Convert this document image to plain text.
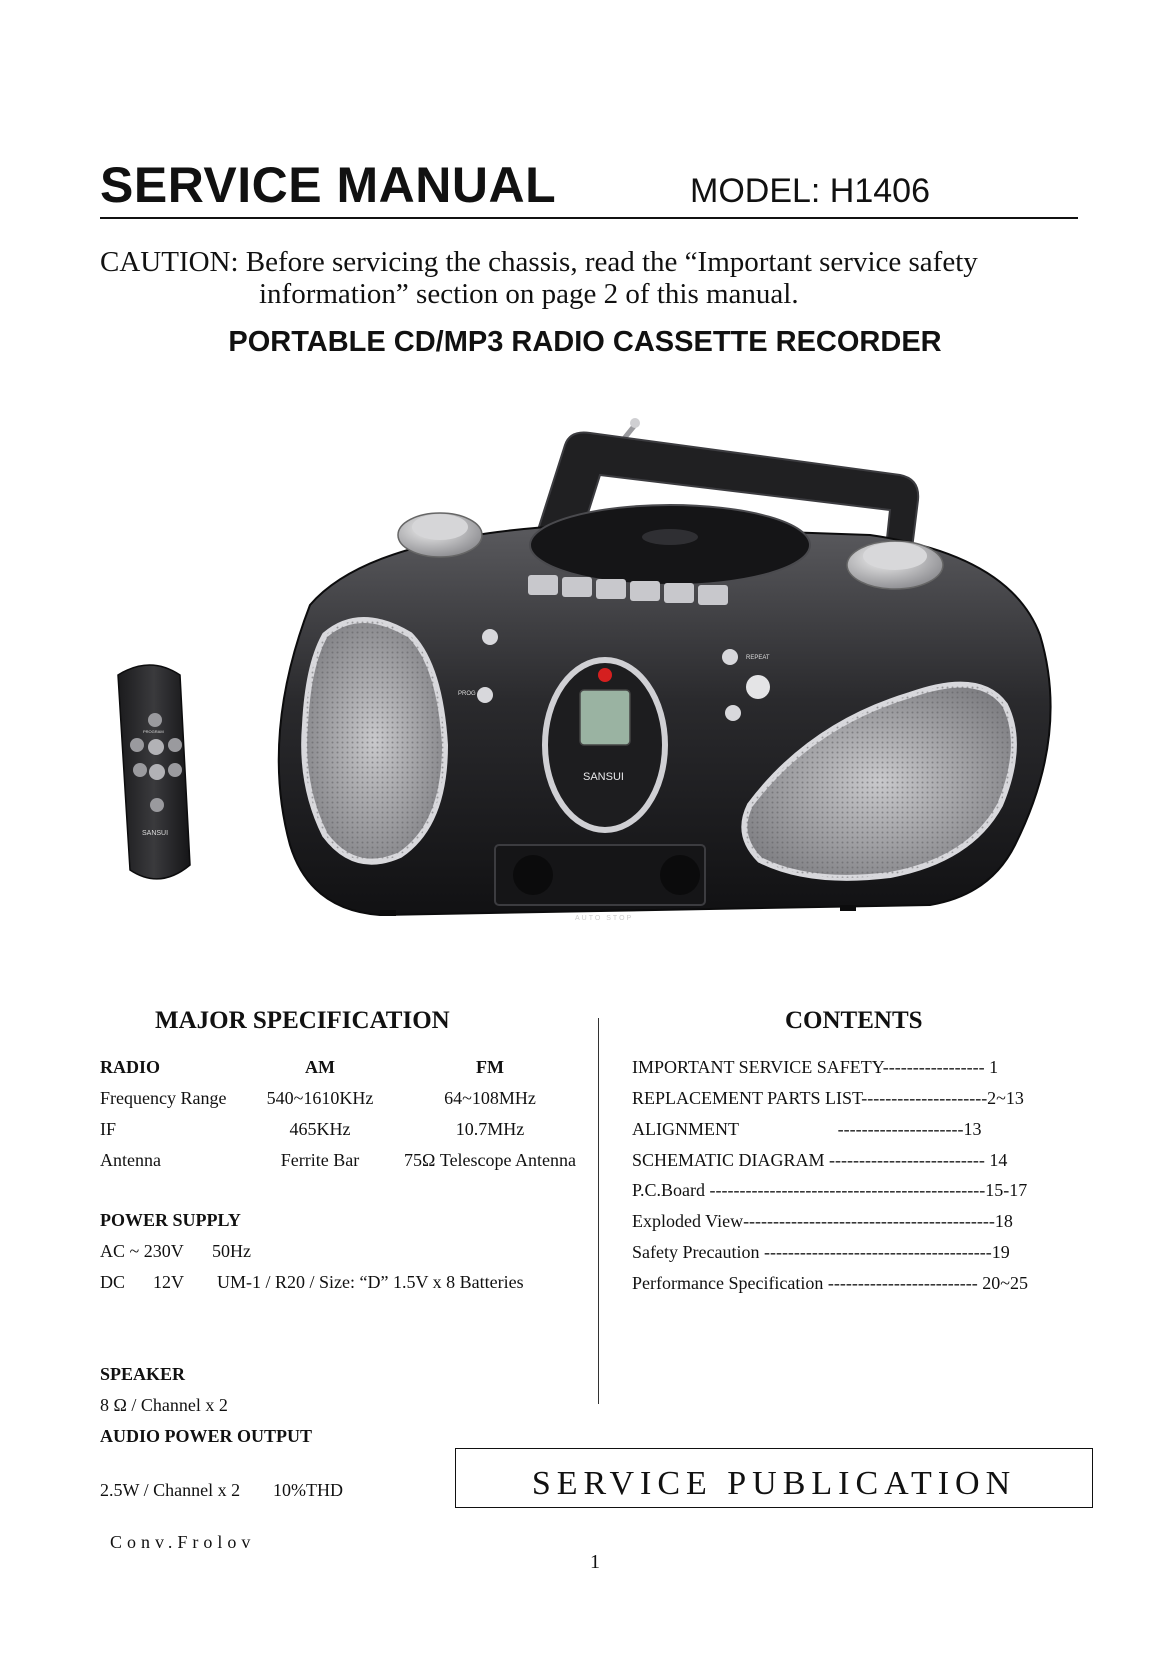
SERVICE MANUAL	MODEL: H1406
CAUTION: Before servicing the chassis, read the “Important service safety
information” section on page 2 of this manual.
PORTABLE CD/MP3 RADIO CASSETTE RECORDER
SANSUI
PROG
REPEAT
AUTO STOP
PROGRAM
SANSUI
MAJOR SPECIFICATION	CONTENTS
RADIO	AM	FM
Frequency Range	540~1610KHz	64~108MHz
IF	465KHz	10.7MHz
Antenna	Ferrite Bar	75Ω Telescope Antenna
POWER SUPPLY
AC ~ 230V 50Hz
DC 12V UM-1 / R20 / Size: “D” 1.5V x 8 Batteries
SPEAKER
8 Ω / Channel x 2
AUDIO POWER OUTPUT
2.5W / Channel x 2 10%THD
IMPORTANT SERVICE SAFETY----------------- 1
REPLACEMENT PARTS LIST---------------------2~13
ALIGNMENT                      ---------------------13
SCHEMATIC DIAGRAM -------------------------- 14
P.C.Board ----------------------------------------------15-17
Exploded View------------------------------------------18
Safety Precaution --------------------------------------19
Performance Specification ------------------------- 20~25
SERVICE PUBLICATION
Conv.Frolov
1
